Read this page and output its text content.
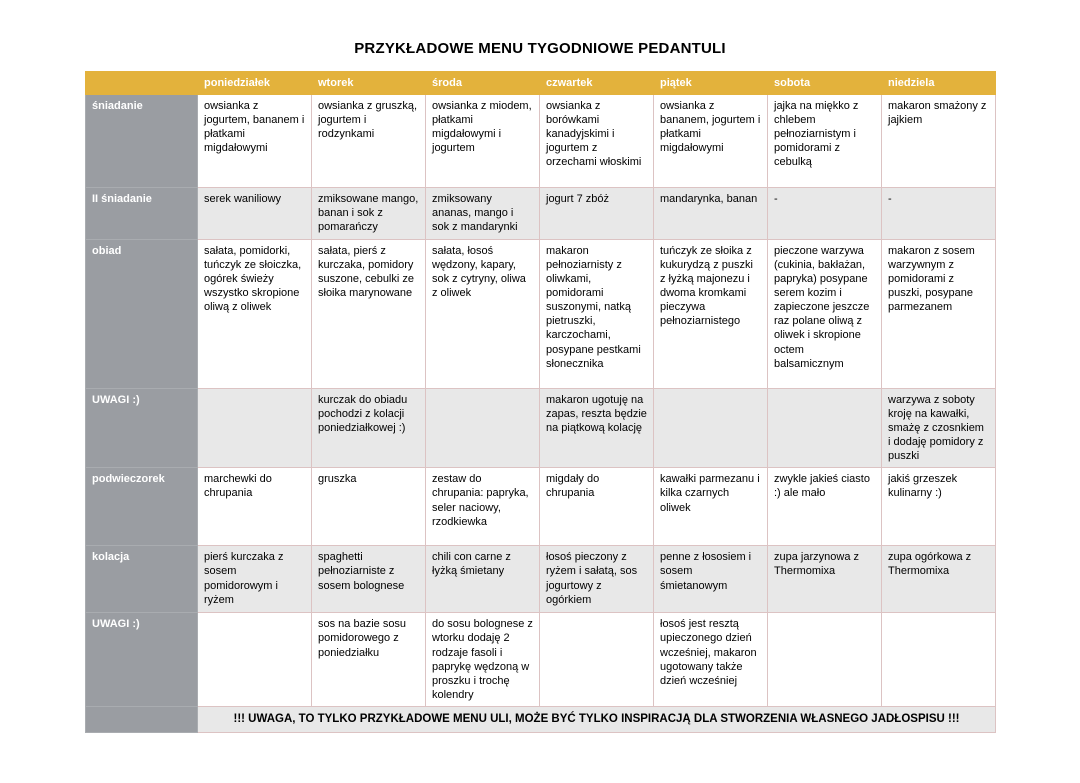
PRZYKŁADOWE MENU TYGODNIOWE PEDANTULI
	poniedziałek	wtorek	środa	czwartek	piątek	sobota	niedziela
śniadanie	owsianka z jogurtem, bananem i płatkami migdałowymi	owsianka z gruszką, jogurtem i rodzynkami	owsianka z miodem, płatkami migdałowymi i jogurtem	owsianka z borówkami kanadyjskimi i jogurtem z orzechami włoskimi	owsianka z bananem, jogurtem i płatkami migdałowymi	jajka na miękko z chlebem pełnoziarnistym i pomidorami z cebulką	makaron smażony z jajkiem
II śniadanie	serek waniliowy	zmiksowane mango, banan i sok z pomarańczy	zmiksowany ananas, mango i sok z mandarynki	jogurt 7 zbóż	mandarynka, banan	-	-
obiad	sałata, pomidorki, tuńczyk ze słoiczka, ogórek świeży wszystko skropione oliwą z oliwek	sałata, pierś z kurczaka, pomidory suszone, cebulki ze słoika marynowane	sałata, łosoś wędzony, kapary, sok z cytryny, oliwa z oliwek	makaron pełnoziarnisty z oliwkami, pomidorami suszonymi, natką pietruszki, karczochami, posypane pestkami słonecznika	tuńczyk ze słoika z kukurydzą z puszki z łyżką majonezu i dwoma kromkami pieczywa pełnoziarnistego	pieczone warzywa (cukinia, bakłażan, papryka) posypane serem kozim i zapieczone jeszcze raz polane oliwą z oliwek i skropione octem balsamicznym	makaron z sosem warzywnym z pomidorami z puszki, posypane parmezanem
UWAGI :)		kurczak do obiadu pochodzi z kolacji poniedziałkowej :)		makaron ugotuję na zapas, reszta będzie na piątkową kolację			warzywa z soboty kroję na kawałki, smażę z czosnkiem i dodaję pomidory z puszki
podwieczorek	marchewki do chrupania	gruszka	zestaw do chrupania: papryka, seler naciowy, rzodkiewka	migdały do chrupania	kawałki parmezanu i kilka czarnych oliwek	zwykle jakieś ciasto :) ale mało	jakiś grzeszek kulinarny :)
kolacja	pierś kurczaka z sosem pomidorowym i ryżem	spaghetti pełnoziarniste z sosem bolognese	chili con carne z łyżką śmietany	łosoś pieczony z ryżem i sałatą, sos jogurtowy z ogórkiem	penne z łososiem i sosem śmietanowym	zupa jarzynowa z Thermomixa	zupa ogórkowa z Thermomixa
UWAGI :)		sos na bazie sosu pomidorowego z poniedziałku	do sosu bolognese z wtorku dodaję 2 rodzaje fasoli i paprykę wędzoną w proszku i trochę kolendry		łosoś jest resztą upieczonego dzień wcześniej, makaron ugotowany także dzień wcześniej		
	!!! UWAGA, TO TYLKO PRZYKŁADOWE MENU ULI, MOŻE BYĆ TYLKO INSPIRACJĄ DLA STWORZENIA WŁASNEGO JADŁOSPISU !!!						
